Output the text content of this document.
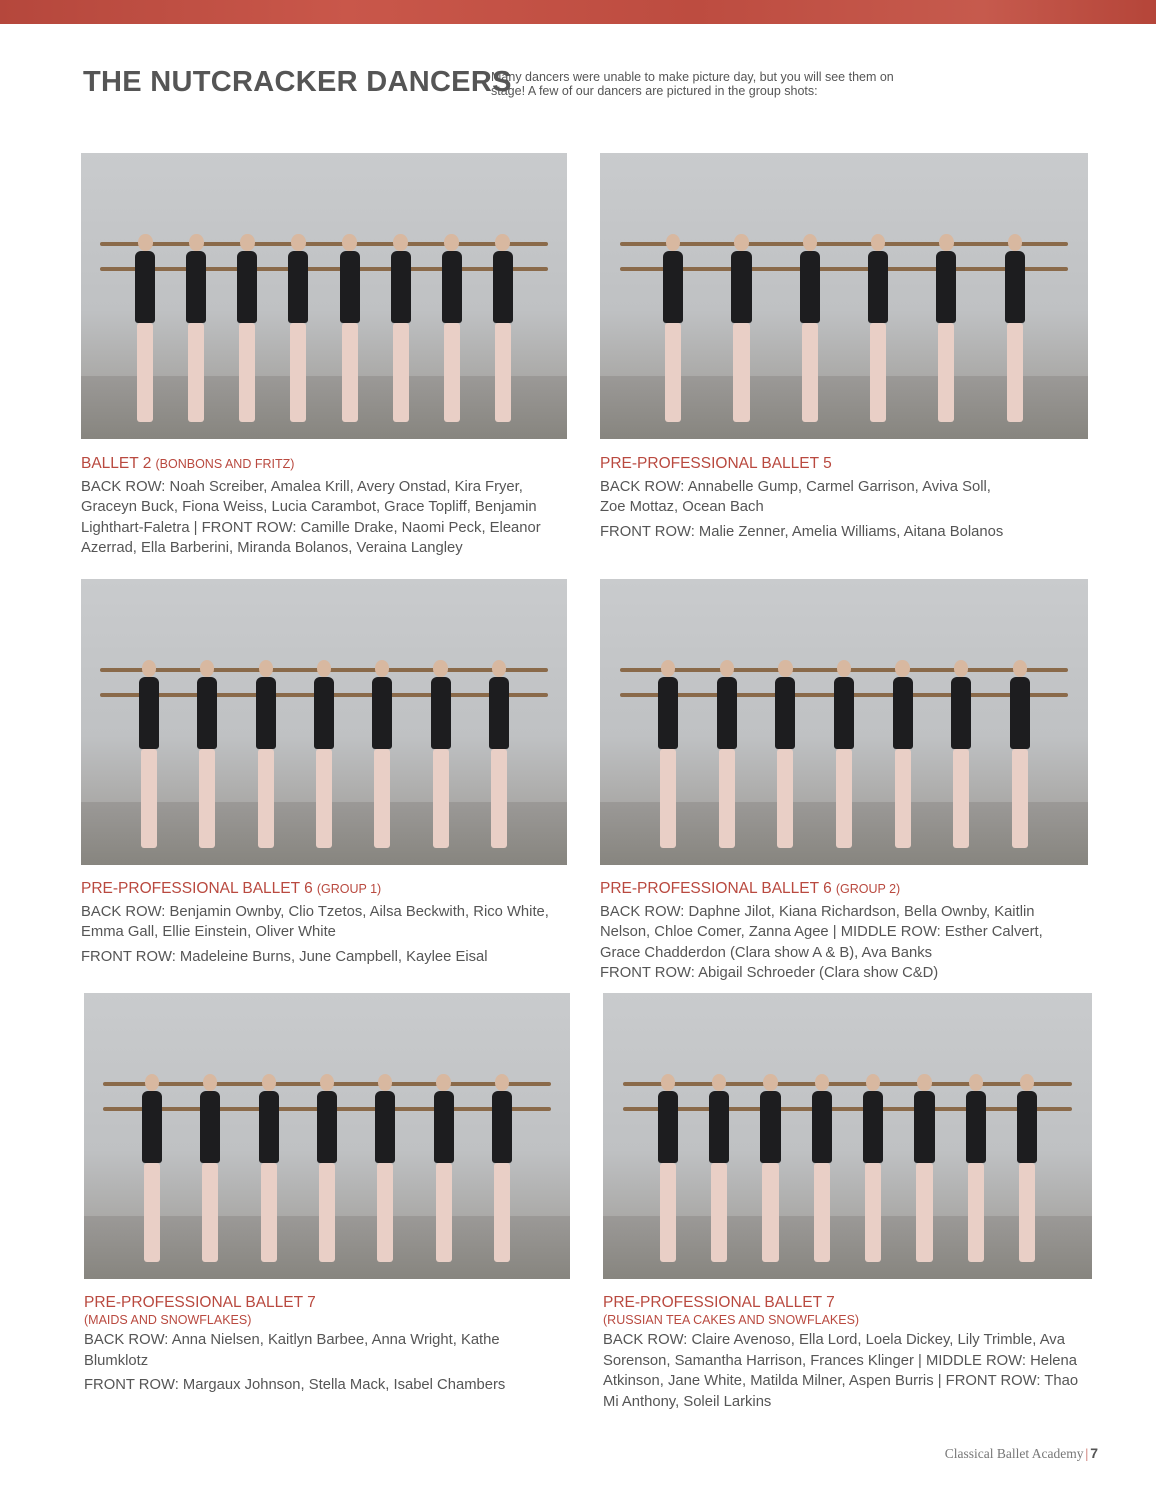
THE NUTCRACKER DANCERS
Many dancers were unable to make picture day, but you will see them on stage! A few of our dancers are pictured in the group shots:
BALLET 2 (BONBONS AND FRITZ)

BACK ROW: Noah Screiber, Amalea Krill, Avery Onstad, Kira Fryer, Graceyn Buck, Fiona Weiss, Lucia Carambot, Grace Topliff, Benjamin Lighthart-Faletra | FRONT ROW: Camille Drake, Naomi Peck, Eleanor Azerrad, Ella Barberini, Miranda Bolanos, Veraina Langley

PRE-PROFESSIONAL BALLET 5

BACK ROW: Annabelle Gump, Carmel Garrison, Aviva Soll, Zoe Mottaz, Ocean Bach

FRONT ROW: Malie Zenner, Amelia Williams, Aitana Bolanos

PRE-PROFESSIONAL BALLET 6 (GROUP 1)

BACK ROW: Benjamin Ownby, Clio Tzetos, Ailsa Beckwith, Rico White, Emma Gall, Ellie Einstein, Oliver White

FRONT ROW: Madeleine Burns, June Campbell, Kaylee Eisal

PRE-PROFESSIONAL BALLET 6 (GROUP 2)

BACK ROW: Daphne Jilot, Kiana Richardson, Bella Ownby, Kaitlin Nelson, Chloe Comer, Zanna Agee | MIDDLE ROW: Esther Calvert, Grace Chadderdon (Clara show A & B), Ava Banks

FRONT ROW: Abigail Schroeder (Clara show C&D)

PRE-PROFESSIONAL BALLET 7
(MAIDS AND SNOWFLAKES)

BACK ROW: Anna Nielsen, Kaitlyn Barbee, Anna Wright, Kathe Blumklotz

FRONT ROW: Margaux Johnson, Stella Mack, Isabel Chambers

PRE-PROFESSIONAL BALLET 7
(RUSSIAN TEA CAKES AND SNOWFLAKES)

BACK ROW: Claire Avenoso, Ella Lord, Loela Dickey, Lily Trimble, Ava Sorenson, Samantha Harrison, Frances Klinger | MIDDLE ROW: Helena Atkinson, Jane White, Matilda Milner, Aspen Burris | FRONT ROW: Thao Mi Anthony, Soleil Larkins

Classical Ballet Academy | 7
